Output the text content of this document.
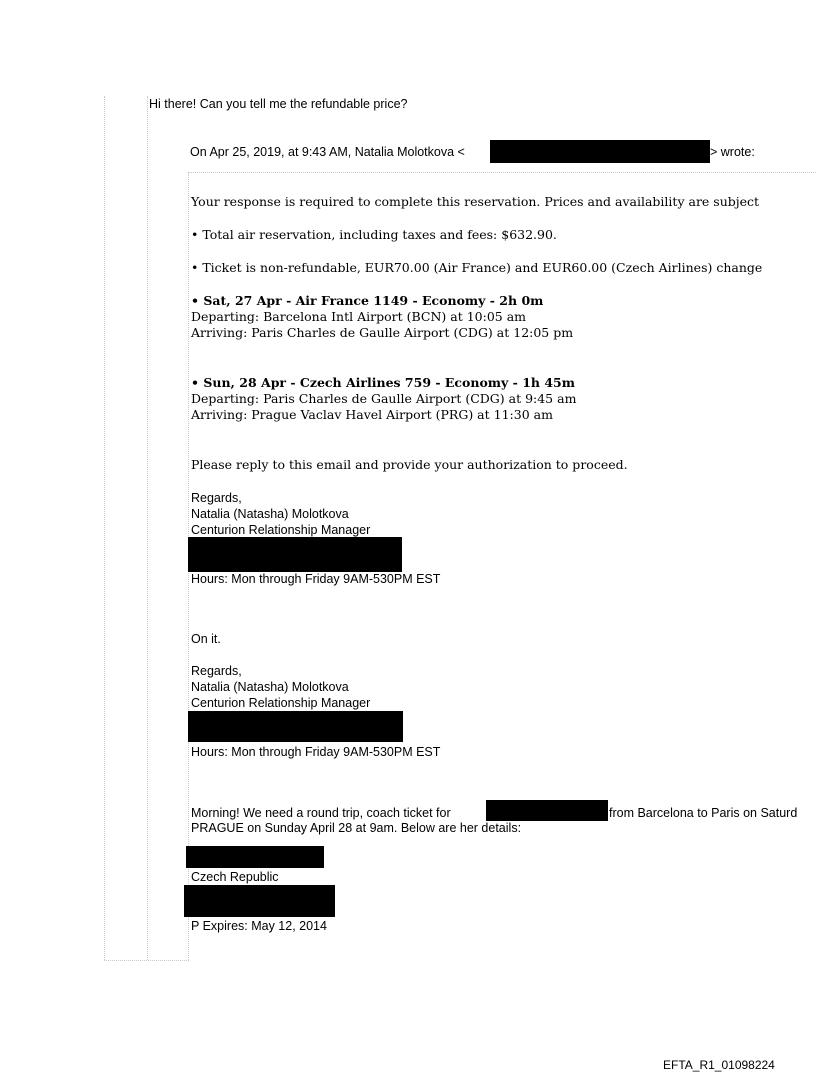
Hi there! Can you tell me the refundable price?
On Apr 25, 2019, at 9:43 AM, Natalia Molotkova <	> wrote:
Your response is required to complete this reservation. Prices and availability are subject
• Total air reservation, including taxes and fees: $632.90.
• Ticket is non-refundable, EUR70.00 (Air France) and EUR60.00 (Czech Airlines) change
• Sat, 27 Apr - Air France 1149 - Economy - 2h 0m
Departing: Barcelona Intl Airport (BCN) at 10:05 am
Arriving: Paris Charles de Gaulle Airport (CDG) at 12:05 pm
• Sun, 28 Apr - Czech Airlines 759 - Economy - 1h 45m
Departing: Paris Charles de Gaulle Airport (CDG) at 9:45 am
Arriving: Prague Vaclav Havel Airport (PRG) at 11:30 am
Please reply to this email and provide your authorization to proceed.
Regards,
Natalia (Natasha) Molotkova
Centurion Relationship Manager
Hours: Mon through Friday 9AM-530PM EST
On it.
Regards,
Natalia (Natasha) Molotkova
Centurion Relationship Manager
Hours: Mon through Friday 9AM-530PM EST
Morning! We need a round trip, coach ticket for	from Barcelona to Paris on Saturd
PRAGUE on Sunday April 28 at 9am. Below are her details:
Czech Republic
P Expires: May 12, 2014
EFTA_R1_01098224
